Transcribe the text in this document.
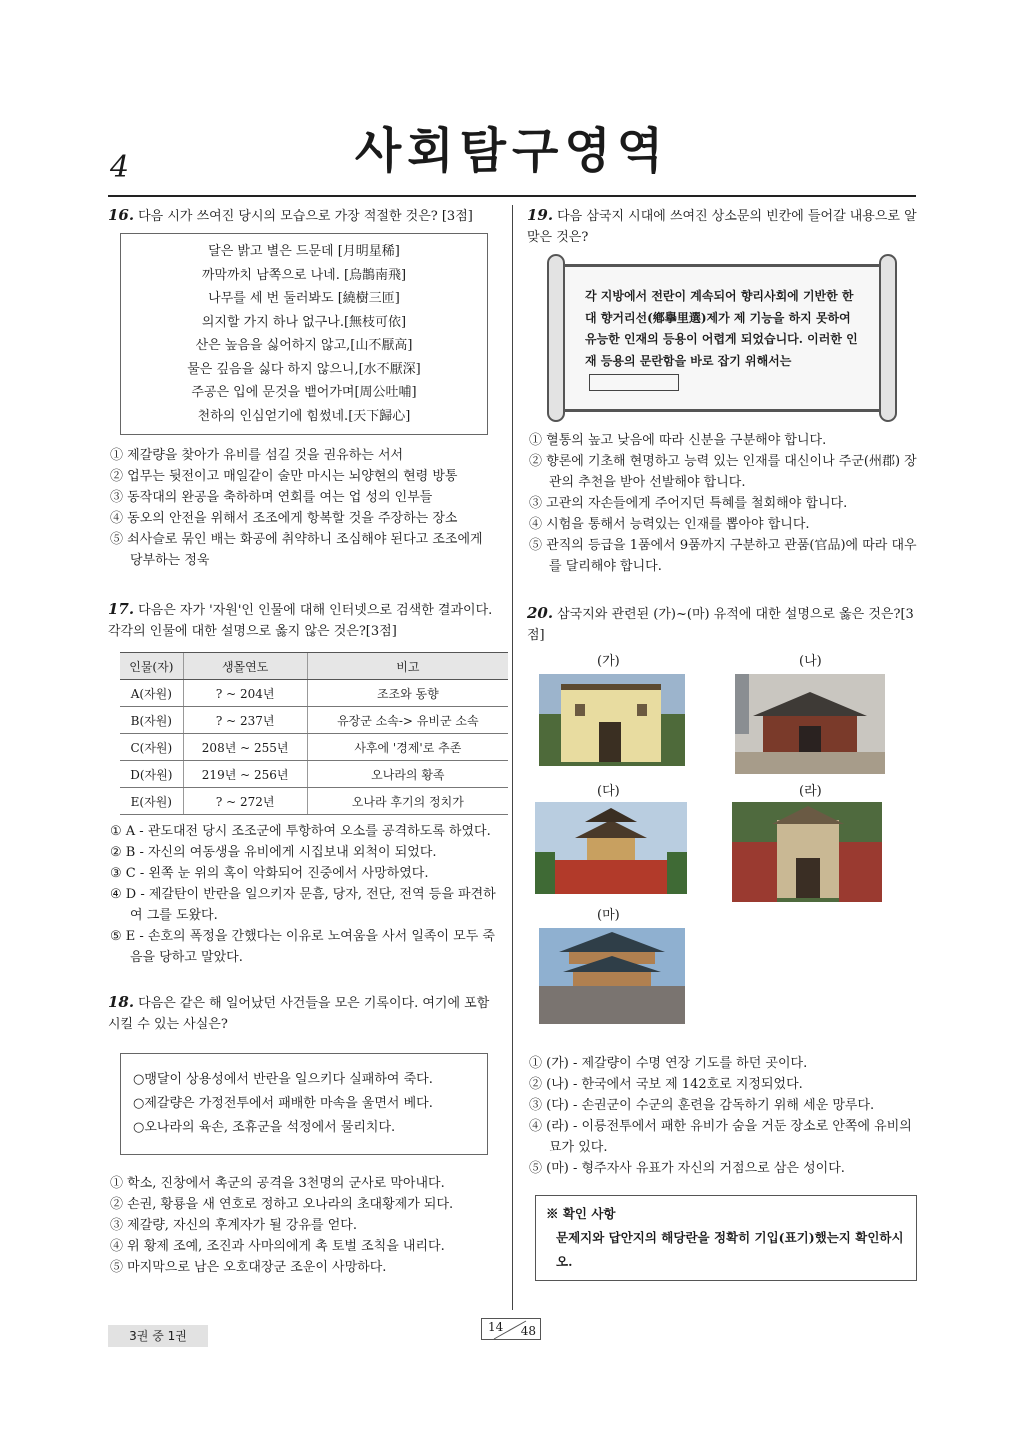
4	사회탐구영역
16. 다음 시가 쓰여진 당시의 모습으로 가장 적절한 것은? [3점]
달은 밝고 별은 드문데 [月明星稀]
까막까치 남쪽으로 나네. [烏鵲南飛]
나무를 세 번 둘러봐도 [繞樹三匝]
의지할 가지 하나 없구나.[無枝可依]
산은 높음을 싫어하지 않고,[山不厭高]
물은 깊음을 싫다 하지 않으니,[水不厭深]
주공은 입에 문것을 뱉어가며[周公吐哺]
천하의 인심얻기에 힘썼네.[天下歸心]
① 제갈량을 찾아가 유비를 섬길 것을 권유하는 서서
② 업무는 뒷전이고 매일같이 술만 마시는 뇌양현의 현령 방통
③ 동작대의 완공을 축하하며 연회를 여는 업 성의 인부들
④ 동오의 안전을 위해서 조조에게 항복할 것을 주장하는 장소
⑤ 쇠사슬로 묶인 배는 화공에 취약하니 조심해야 된다고 조조에게 당부하는 정욱
17. 다음은 자가 '자원'인 인물에 대해 인터넷으로 검색한 결과이다. 각각의 인물에 대한 설명으로 옳지 않은 것은?[3점]
인물(자)	생몰연도	비고
A(자원)	? ~ 204년	조조와 동향
B(자원)	? ~ 237년	유장군 소속-> 유비군 소속
C(자원)	208년 ~ 255년	사후에 '경제'로 추존
D(자원)	219년 ~ 256년	오나라의 황족
E(자원)	? ~ 272년	오나라 후기의 정치가
① A - 관도대전 당시 조조군에 투항하여 오소를 공격하도록 하였다.
② B - 자신의 여동생을 유비에게 시집보내 외척이 되었다.
③ C - 왼쪽 눈 위의 혹이 악화되어 진중에서 사망하였다.
④ D - 제갈탄이 반란을 일으키자 문흠, 당자, 전단, 전역 등을 파견하여 그를 도왔다.
⑤ E - 손호의 폭정을 간했다는 이유로 노여움을 사서 일족이 모두 죽음을 당하고 말았다.
18. 다음은 같은 해 일어났던 사건들을 모은 기록이다. 여기에 포함시킬 수 있는 사실은?
○맹달이 상용성에서 반란을 일으키다 실패하여 죽다.
○제갈량은 가정전투에서 패배한 마속을 울면서 베다.
○오나라의 육손, 조휴군을 석정에서 물리치다.
① 학소, 진창에서 촉군의 공격을 3천명의 군사로 막아내다.
② 손권, 황룡을 새 연호로 정하고 오나라의 초대황제가 되다.
③ 제갈량, 자신의 후계자가 될 강유를 얻다.
④ 위 황제 조예, 조진과 사마의에게 촉 토벌 조칙을 내리다.
⑤ 마지막으로 남은 오호대장군 조운이 사망하다.
19. 다음 삼국지 시대에 쓰여진 상소문의 빈칸에 들어갈 내용으로 알맞은 것은?
각 지방에서 전란이 계속되어 향리사회에 기반한 한대 향거리선(鄕擧里選)제가 제 기능을 하지 못하여 유능한 인재의 등용이 어렵게 되었습니다. 이러한 인재 등용의 문란함을 바로 잡기 위해서는
① 혈통의 높고 낮음에 따라 신분을 구분해야 합니다.
② 향론에 기초해 현명하고 능력 있는 인재를 대신이나 주군(州郡) 장관의 추천을 받아 선발해야 합니다.
③ 고관의 자손들에게 주어지던 특혜를 철회해야 합니다.
④ 시험을 통해서 능력있는 인재를 뽑아야 합니다.
⑤ 관직의 등급을 1품에서 9품까지 구분하고 관품(官品)에 따라 대우를 달리해야 합니다.
20. 삼국지와 관련된 (가)~(마) 유적에 대한 설명으로 옳은 것은?[3점]
(가)	(나)
(다)	(라)
(마)
① (가) - 제갈량이 수명 연장 기도를 하던 곳이다.
② (나) - 한국에서 국보 제 142호로 지정되었다.
③ (다) - 손권군이 수군의 훈련을 감독하기 위해 세운 망루다.
④ (라) - 이릉전투에서 패한 유비가 숨을 거둔 장소로 안쪽에 유비의 묘가 있다.
⑤ (마) - 형주자사 유표가 자신의 거점으로 삼은 성이다.
※ 확인 사항
문제지와 답안지의 해당란을 정확히 기입(표기)했는지 확인하시오.
3권 중 1권
14 48
